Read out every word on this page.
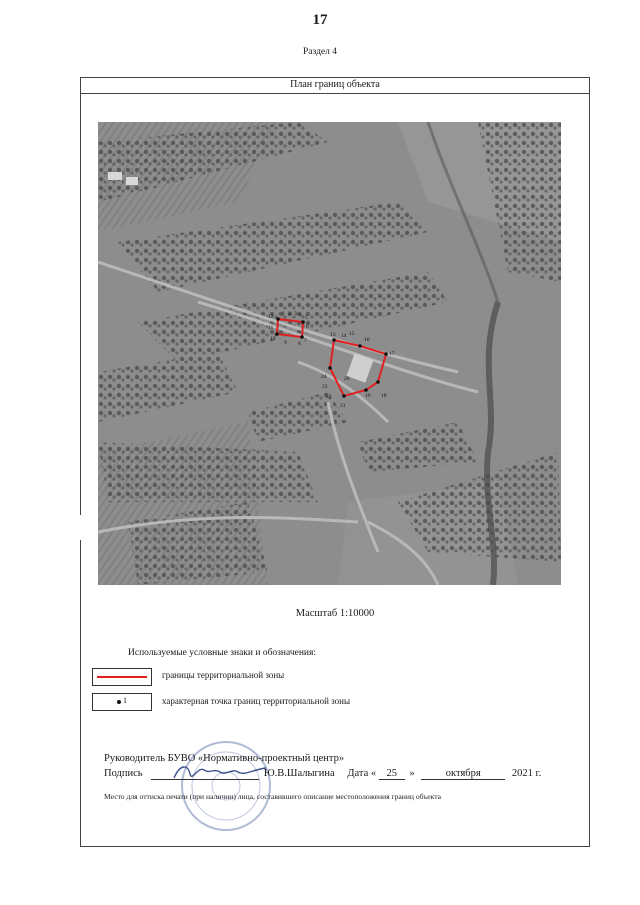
17
Раздел 4
План границ объекта
1 2 3 4 5
6
7
8
9
10
11
12
13 14 15
16
17
18
19
20
21
22
23
24
Масштаб 1:10000
Используемые условные знаки и обозначения:
границы территориальной зоны
1	характерная точка границ территориальной зоны
Руководитель БУВО «Нормативно-проектный центр»
Подпись	Ю.В.Шалыгина Дата « 25 »	октября	2021 г.
Место для оттиска печати (при наличии) лица, составившего описание местоположения границ объекта
